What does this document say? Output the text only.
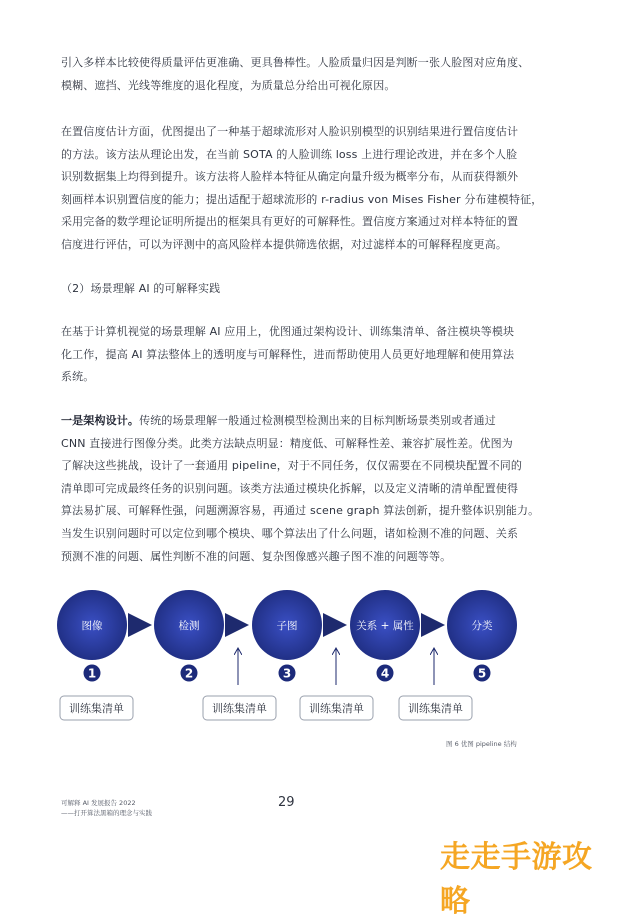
引入多样本比较使得质量评估更准确、更具鲁棒性。人脸质量归因是判断一张人脸图对应角度、
模糊、遮挡、光线等维度的退化程度，为质量总分给出可视化原因。

在置信度估计方面，优图提出了一种基于超球流形对人脸识别模型的识别结果进行置信度估计
的方法。该方法从理论出发，在当前 SOTA 的人脸训练 loss 上进行理论改进，并在多个人脸
识别数据集上均得到提升。该方法将人脸样本特征从确定向量升级为概率分布，从而获得额外
刻画样本识别置信度的能力；提出适配于超球流形的 r-radius von Mises Fisher 分布建模特征，
采用完备的数学理论证明所提出的框架具有更好的可解释性。置信度方案通过对样本特征的置
信度进行评估，可以为评测中的高风险样本提供筛选依据，对过滤样本的可解释程度更高。

（2）场景理解 AI 的可解释实践

在基于计算机视觉的场景理解 AI 应用上，优图通过架构设计、训练集清单、备注模块等模块
化工作，提高 AI 算法整体上的透明度与可解释性，进而帮助使用人员更好地理解和使用算法
系统。

一是架构设计。传统的场景理解一般通过检测模型检测出来的目标判断场景类别或者通过
CNN 直接进行图像分类。此类方法缺点明显：精度低、可解释性差、兼容扩展性差。优图为
了解决这些挑战，设计了一套通用 pipeline，对于不同任务，仅仅需要在不同模块配置不同的
清单即可完成最终任务的识别问题。该类方法通过模块化拆解，以及定义清晰的清单配置使得
算法易扩展、可解释性强，问题溯源容易，再通过 scene graph 算法创新，提升整体识别能力。
当发生识别问题时可以定位到哪个模块、哪个算法出了什么问题，诸如检测不准的问题、关系
预测不准的问题、属性判断不准的问题、复杂图像感兴趣子图不准的问题等等。

图像	检测	子图	关系 + 属性	分类
1	2	3	4	5
训练集清单	训练集清单	训练集清单	训练集清单

图 6 优图 pipeline 结构

可解释 AI 发展报告 2022
——打开算法黑箱的理念与实践
29
走走手游攻略
